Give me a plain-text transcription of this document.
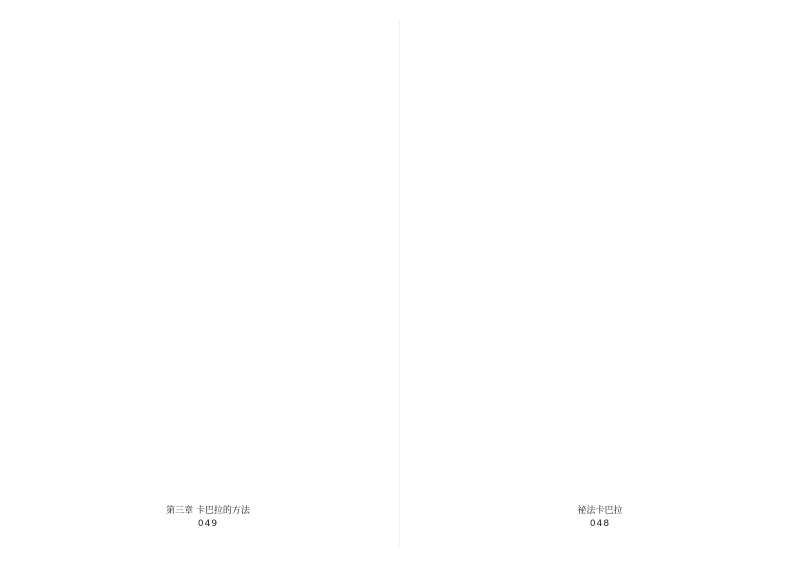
祕法卡巴拉
048
第三章 卡巴拉的方法
049
